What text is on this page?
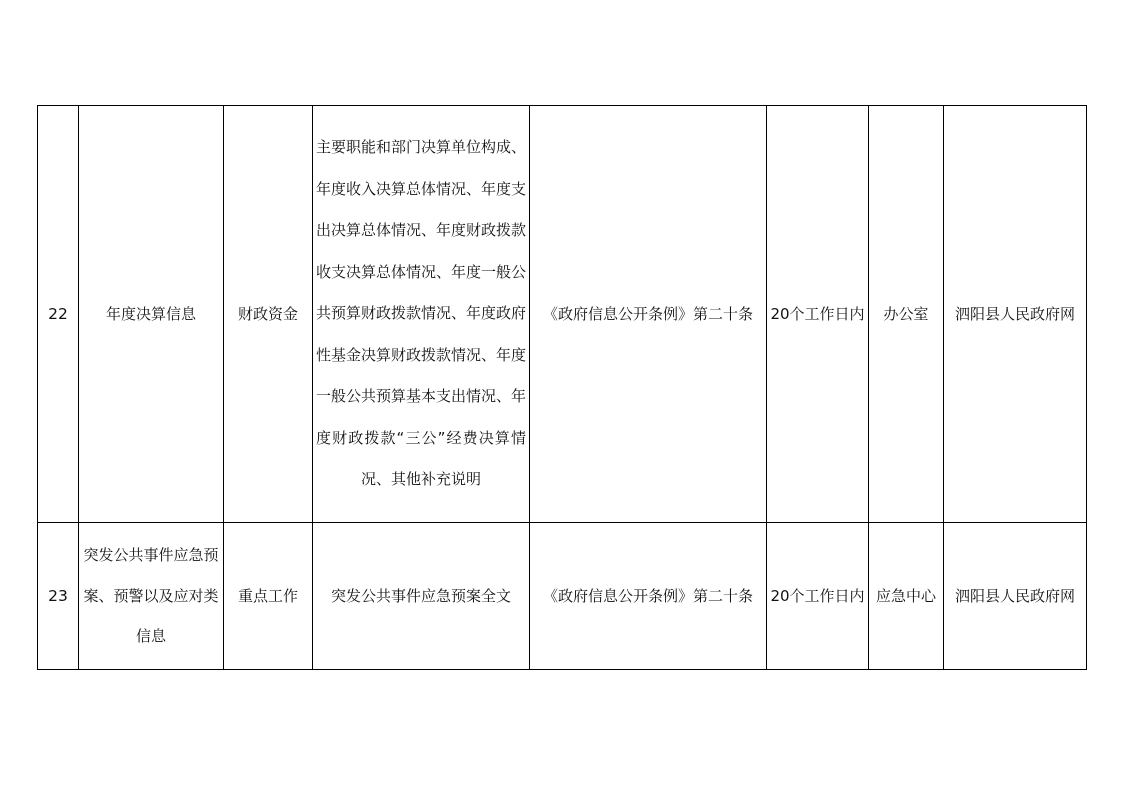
22	年度决算信息	财政资金	主要职能和部门决算单位构成、年度收入决算总体情况、年度支出决算总体情况、年度财政拨款收支决算总体情况、年度一般公共预算财政拨款情况、年度政府性基金决算财政拨款情况、年度一般公共预算基本支出情况、年度财政拨款“三公”经费决算情况、其他补充说明	《政府信息公开条例》第二十条	20个工作日内	办公室	泗阳县人民政府网

23	突发公共事件应急预案、预警以及应对类信息	重点工作	突发公共事件应急预案全文	《政府信息公开条例》第二十条	20个工作日内	应急中心	泗阳县人民政府网
